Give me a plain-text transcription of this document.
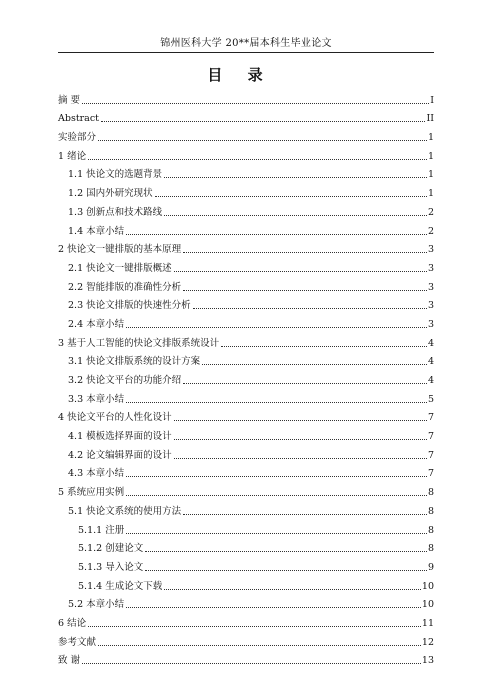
锦州医科大学 20**届本科生毕业论文
目 录
摘 要	I
Abstract	II
实验部分	1
1 绪论	1
1.1 快论文的选题背景	1
1.2 国内外研究现状	1
1.3 创新点和技术路线	2
1.4 本章小结	2
2 快论文一键排版的基本原理	3
2.1 快论文一键排版概述	3
2.2 智能排版的准确性分析	3
2.3 快论文排版的快速性分析	3
2.4 本章小结	3
3 基于人工智能的快论文排版系统设计	4
3.1 快论文排版系统的设计方案	4
3.2 快论文平台的功能介绍	4
3.3 本章小结	5
4 快论文平台的人性化设计	7
4.1 模板选择界面的设计	7
4.2 论文编辑界面的设计	7
4.3 本章小结	7
5 系统应用实例	8
5.1 快论文系统的使用方法	8
5.1.1 注册	8
5.1.2 创建论文	8
5.1.3 导入论文	9
5.1.4 生成论文下载	10
5.2 本章小结	10
6 结论	11
参考文献	12
致 谢	13
